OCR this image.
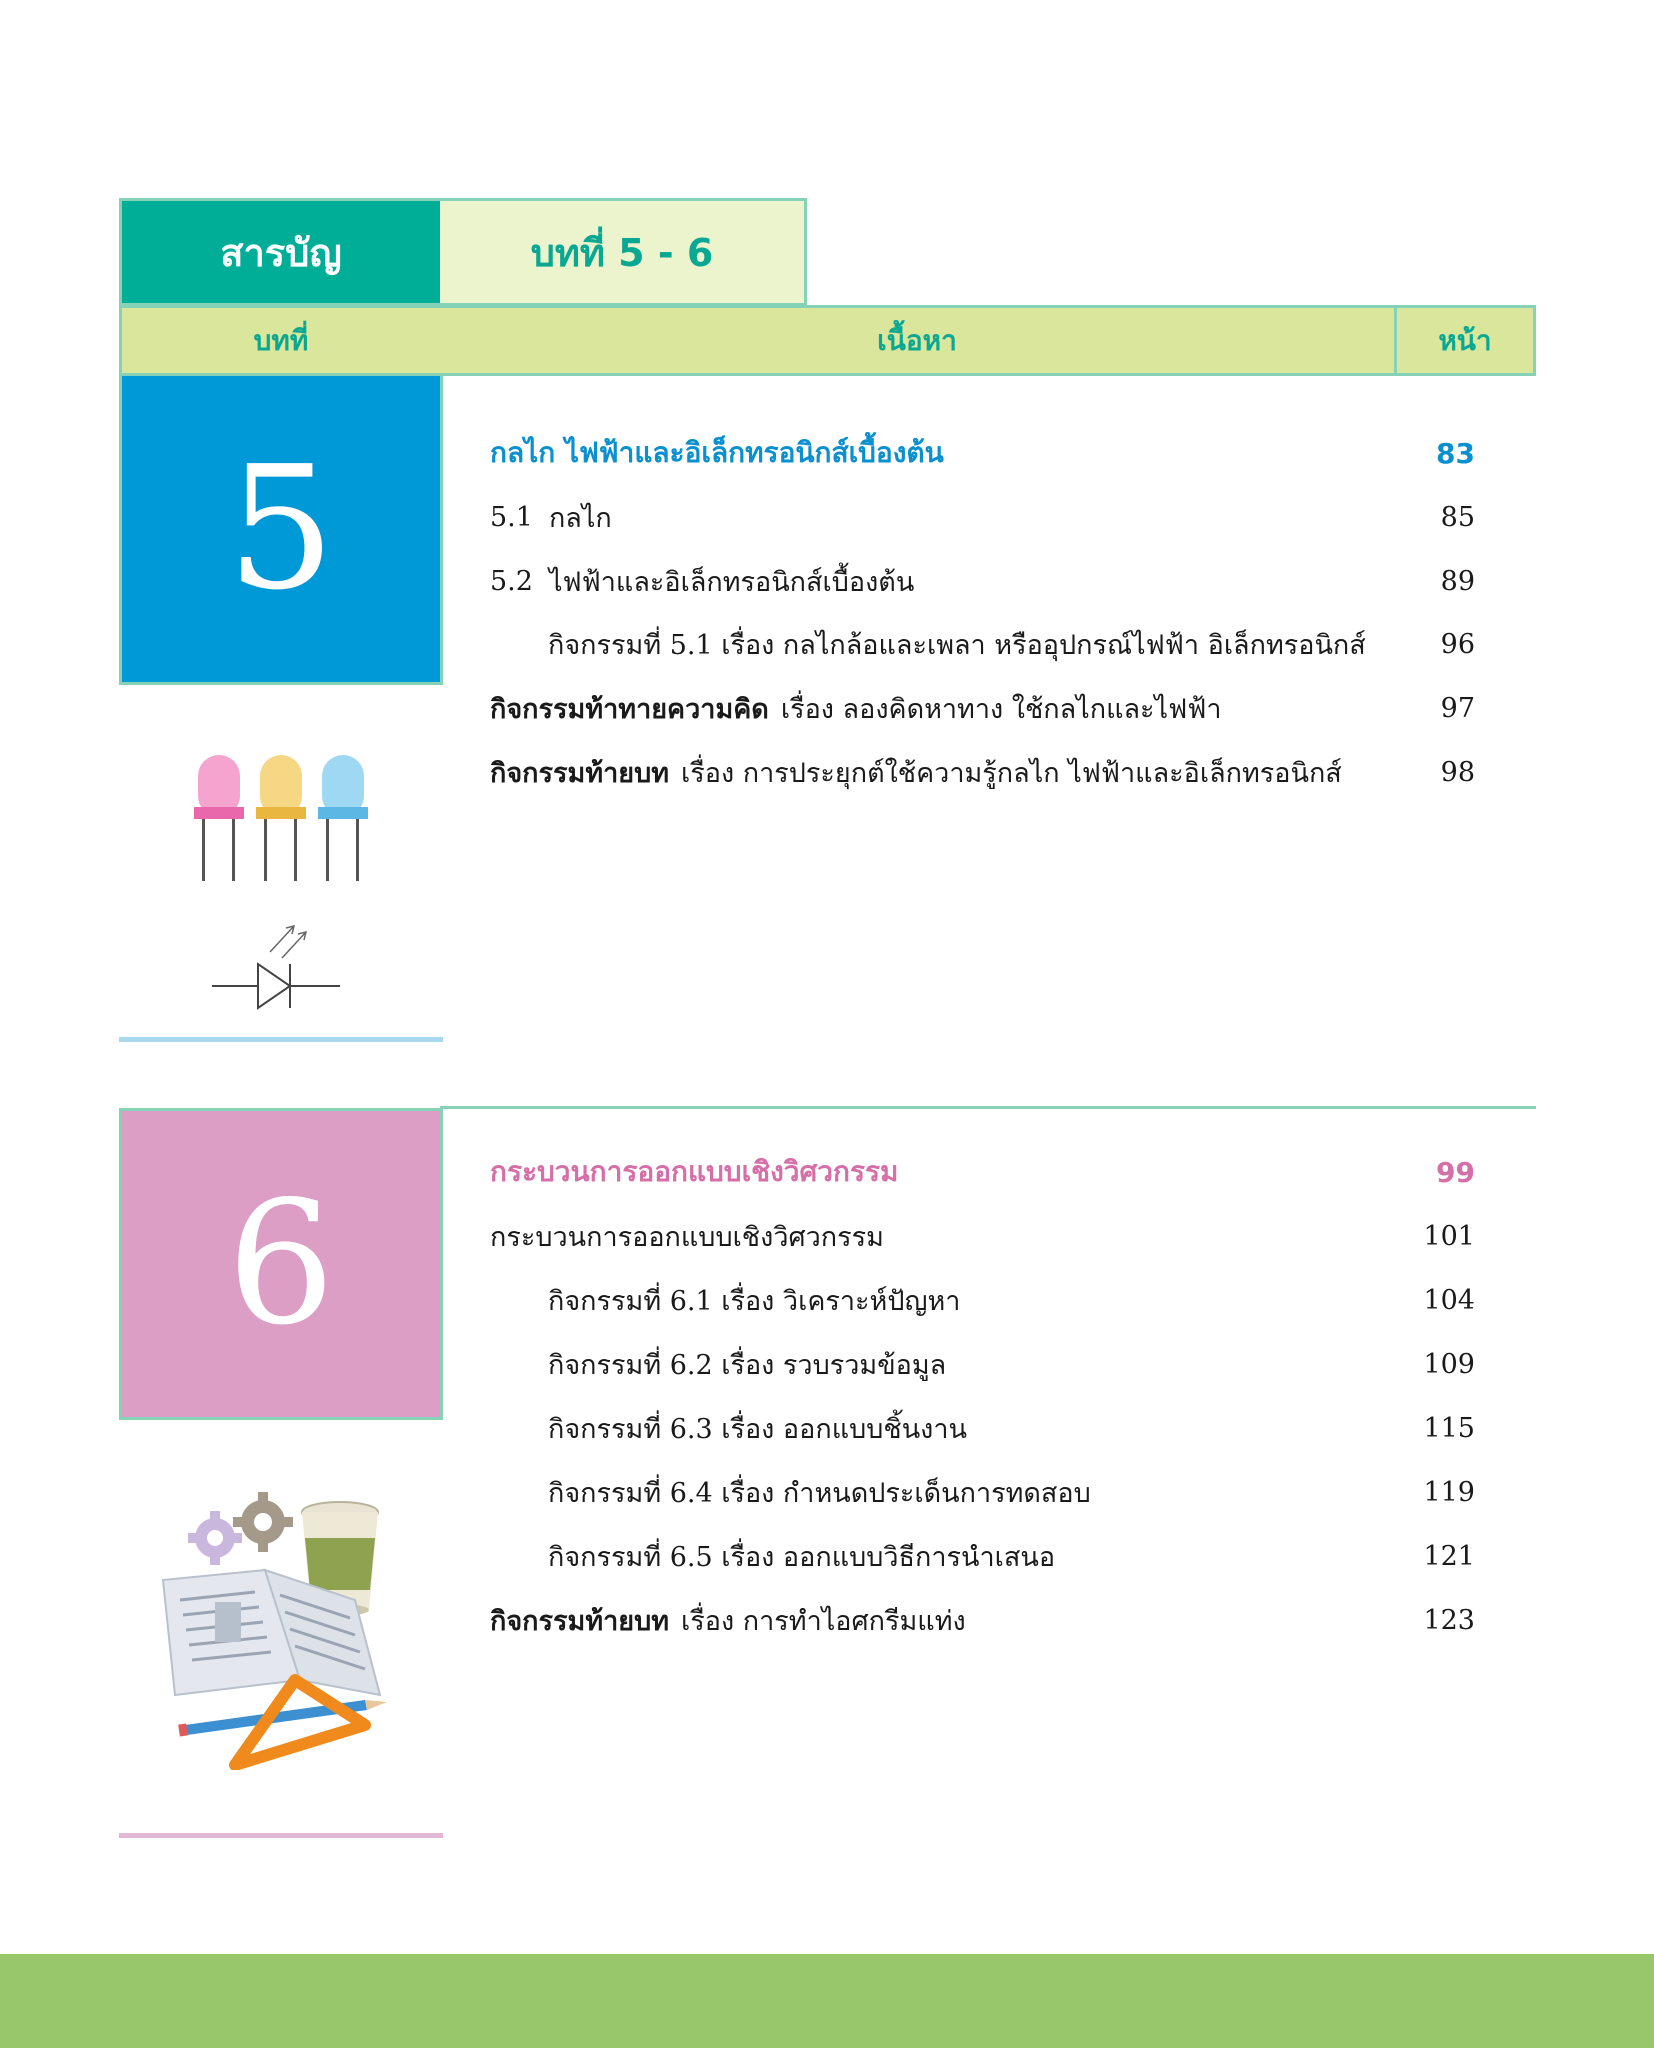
สารบัญ	บทที่ 5 - 6
บทที่	เนื้อหา	หน้า
5	กลไก ไฟฟ้าและอิเล็กทรอนิกส์เบื้องต้น	83
5.1 กลไก	85
5.2 ไฟฟ้าและอิเล็กทรอนิกส์เบื้องต้น	89
กิจกรรมที่ 5.1 เรื่อง กลไกล้อและเพลา หรืออุปกรณ์ไฟฟ้า อิเล็กทรอนิกส์	96
กิจกรรมท้าทายความคิด เรื่อง ลองคิดหาทาง ใช้กลไกและไฟฟ้า	97
กิจกรรมท้ายบท เรื่อง การประยุกต์ใช้ความรู้กลไก ไฟฟ้าและอิเล็กทรอนิกส์	98
6	กระบวนการออกแบบเชิงวิศวกรรม	99
กระบวนการออกแบบเชิงวิศวกรรม	101
กิจกรรมที่ 6.1 เรื่อง วิเคราะห์ปัญหา	104
กิจกรรมที่ 6.2 เรื่อง รวบรวมข้อมูล	109
กิจกรรมที่ 6.3 เรื่อง ออกแบบชิ้นงาน	115
กิจกรรมที่ 6.4 เรื่อง กำหนดประเด็นการทดสอบ	119
กิจกรรมที่ 6.5 เรื่อง ออกแบบวิธีการนำเสนอ	121
กิจกรรมท้ายบท เรื่อง การทำไอศกรีมแท่ง	123
